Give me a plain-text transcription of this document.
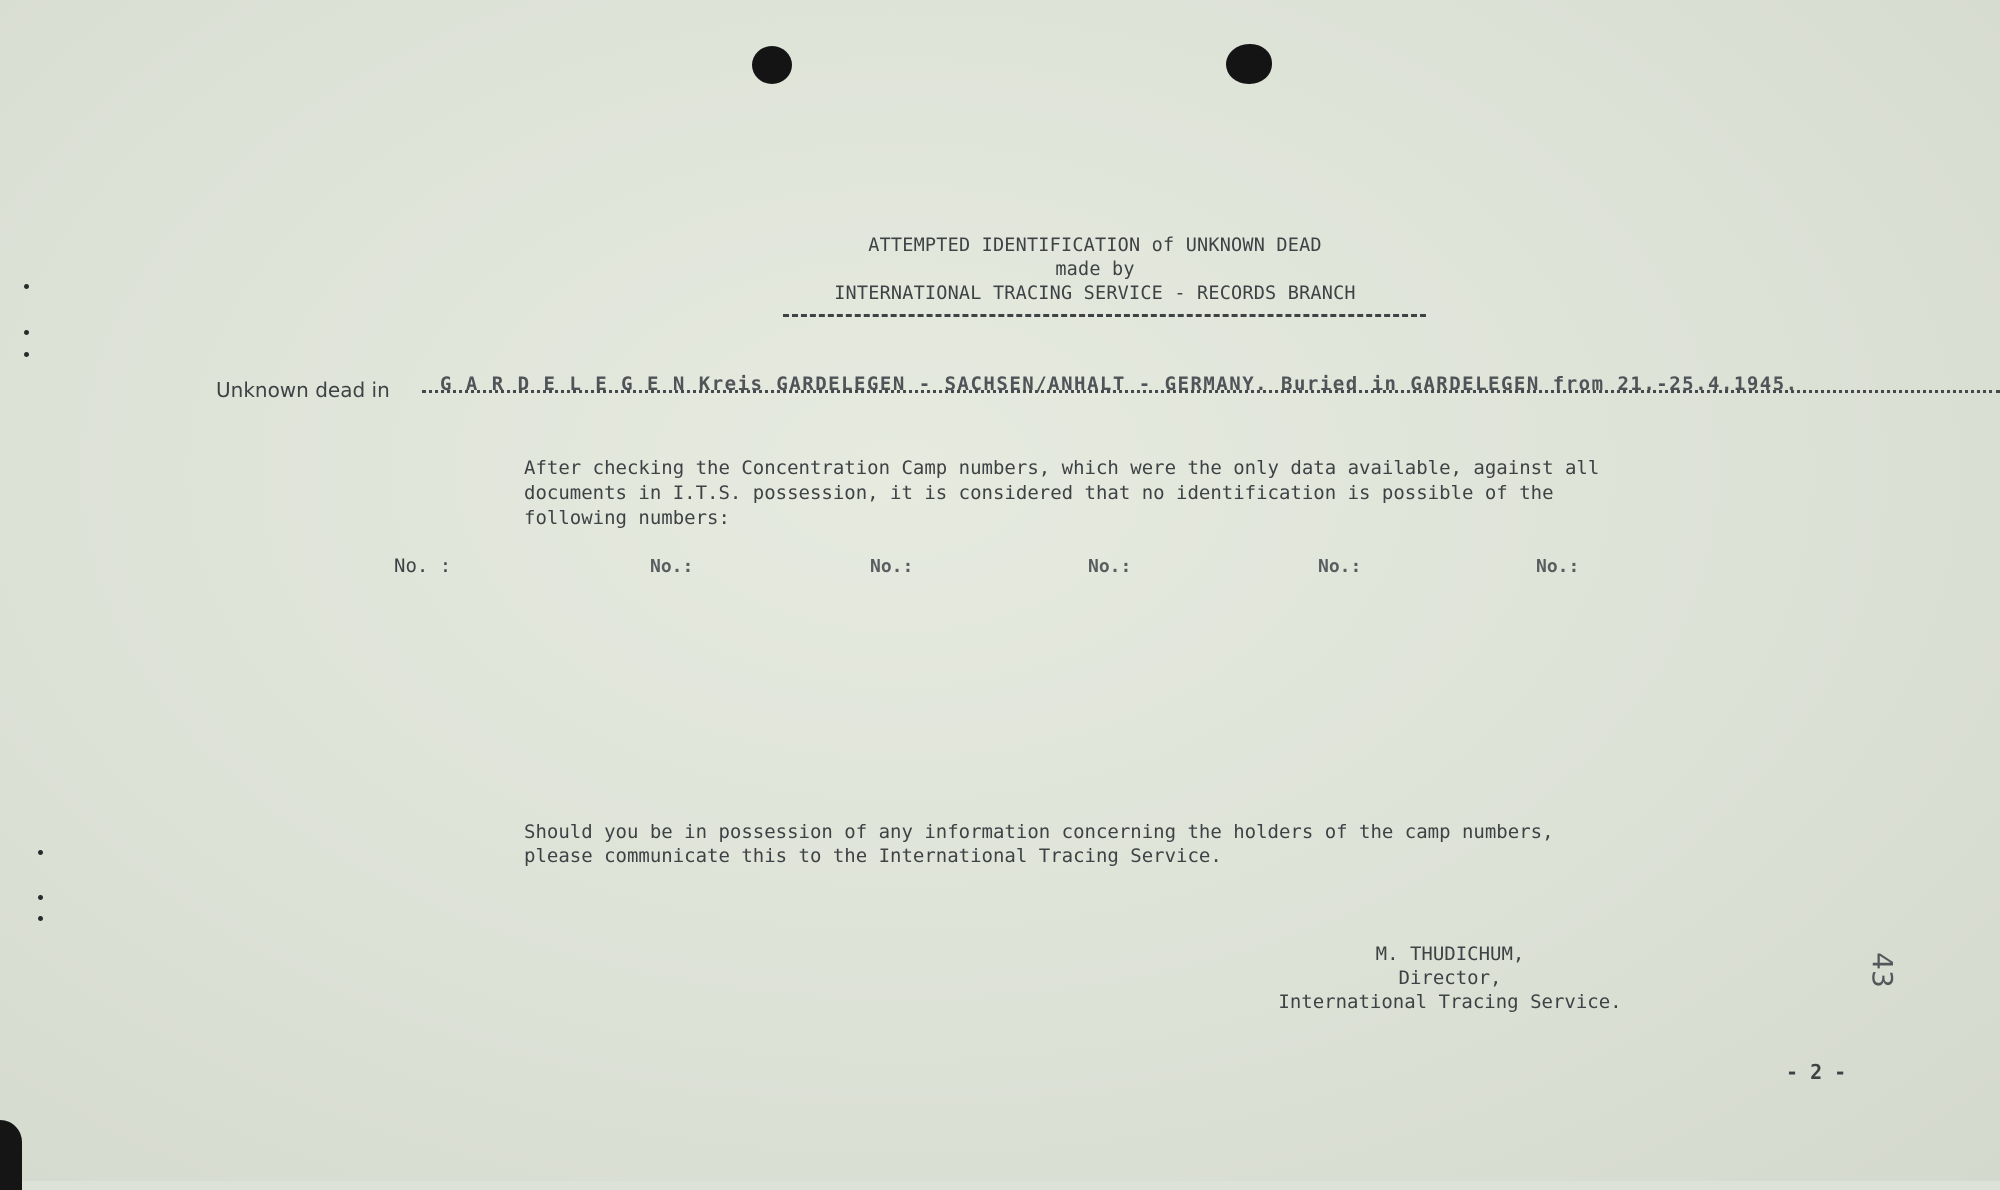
ATTEMPTED IDENTIFICATION of UNKNOWN DEAD
made by
INTERNATIONAL TRACING SERVICE - RECORDS BRANCH
Unknown dead in	G A R D E L E G E N Kreis GARDELEGEN - SACHSEN/ANHALT - GERMANY. Buried in GARDELEGEN from 21.-25.4.1945.
After checking the Concentration Camp numbers, which were the only data available, against all
documents in I.T.S. possession, it is considered that no identification is possible of the
following numbers:
No. :	No.:	No.:	No.:	No.:	No.:
Should you be in possession of any information concerning the holders of the camp numbers,
please communicate this to the International Tracing Service.
M. THUDICHUM,
Director,
International Tracing Service.
43
- 2 -
